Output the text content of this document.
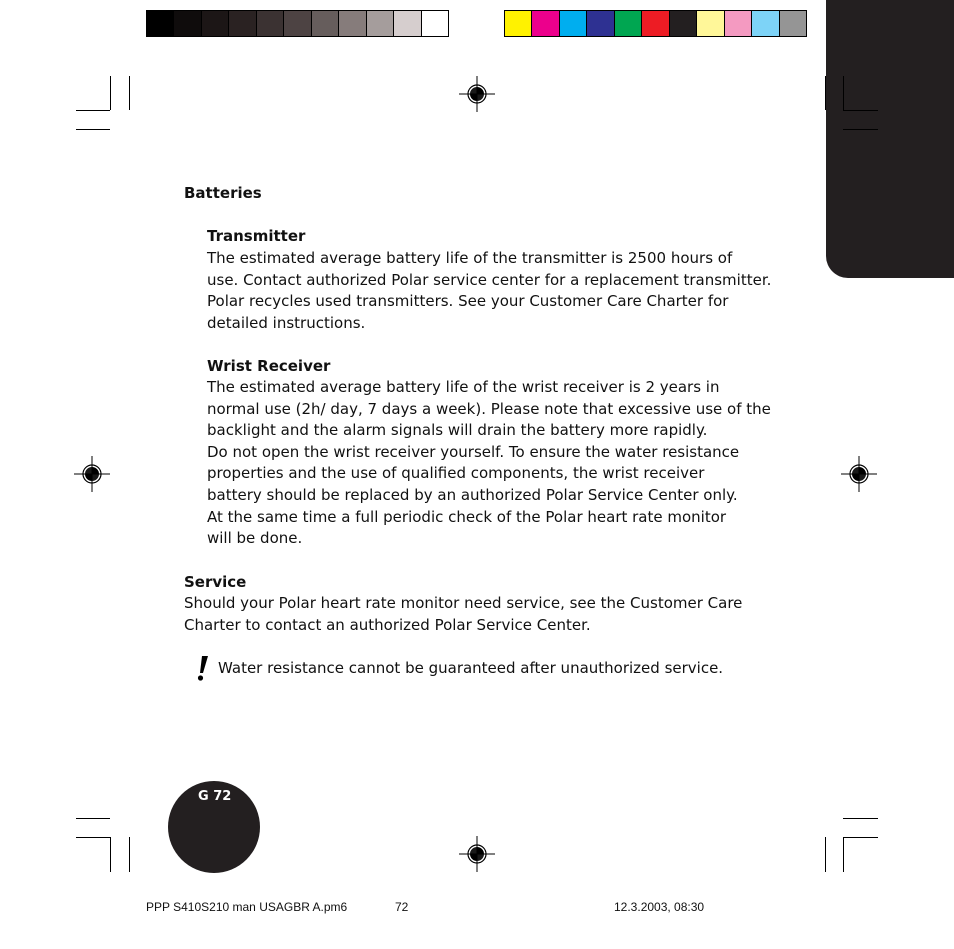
Batteries
Transmitter
The estimated average battery life of the transmitter is 2500 hours of
use. Contact authorized Polar service center for a replacement transmitter.
Polar recycles used transmitters. See your Customer Care Charter for
detailed instructions.
Wrist Receiver
The estimated average battery life of the wrist receiver is 2 years in
normal use (2h/ day, 7 days a week). Please note that excessive use of the
backlight and the alarm signals will drain the battery more rapidly.
Do not open the wrist receiver yourself. To ensure the water resistance
properties and the use of qualified components, the wrist receiver
battery should be replaced by an authorized Polar Service Center only.
At the same time a full periodic check of the Polar heart rate monitor
will be done.
Service
Should your Polar heart rate monitor need service, see the Customer Care
Charter to contact an authorized Polar Service Center.
Water resistance cannot be guaranteed after unauthorized service.
G 72
PPP S410S210 man USAGBR A.pm6	72	12.3.2003, 08:30
